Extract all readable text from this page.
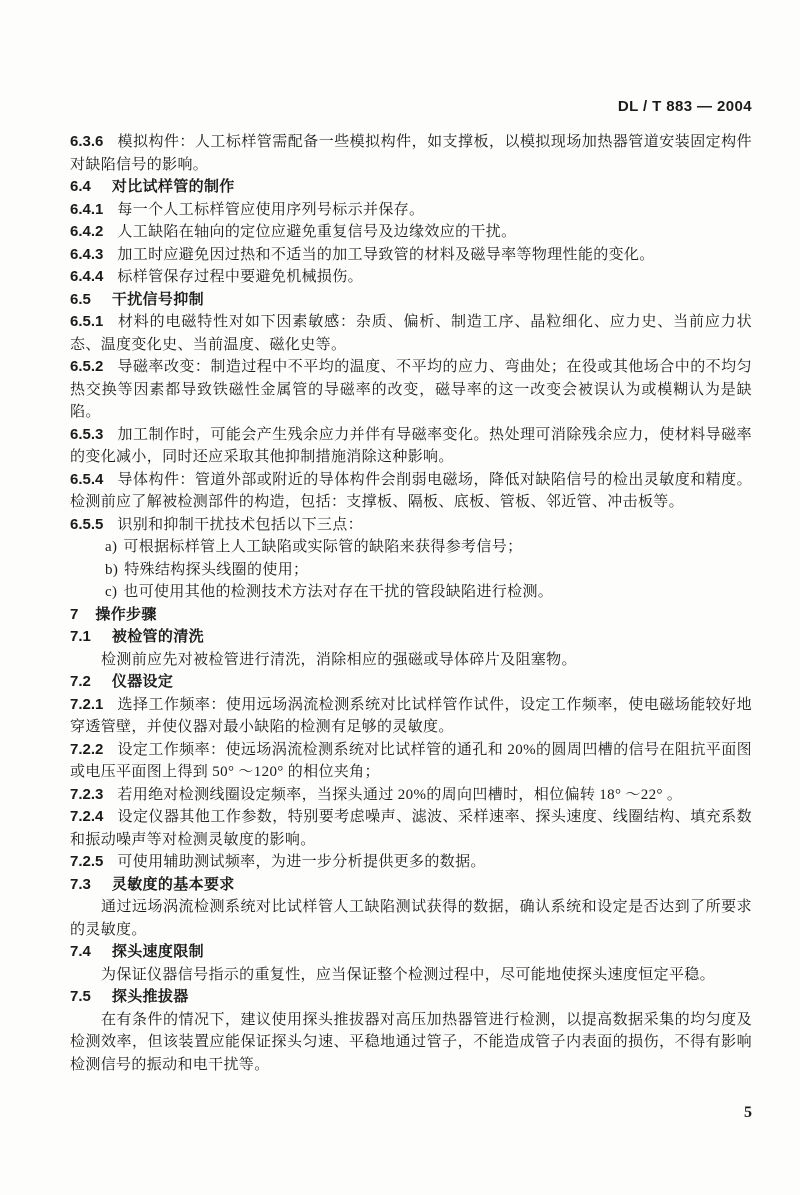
DL / T 883 — 2004

6.3.6 模拟构件：人工标样管需配备一些模拟构件，如支撑板，以模拟现场加热器管道安装固定构件对缺陷信号的影响。

6.4 对比试样管的制作

6.4.1 每一个人工标样管应使用序列号标示并保存。

6.4.2 人工缺陷在轴向的定位应避免重复信号及边缘效应的干扰。

6.4.3 加工时应避免因过热和不适当的加工导致管的材料及磁导率等物理性能的变化。

6.4.4 标样管保存过程中要避免机械损伤。

6.5 干扰信号抑制

6.5.1 材料的电磁特性对如下因素敏感：杂质、偏析、制造工序、晶粒细化、应力史、当前应力状态、温度变化史、当前温度、磁化史等。

6.5.2 导磁率改变：制造过程中不平均的温度、不平均的应力、弯曲处；在役或其他场合中的不均匀热交换等因素都导致铁磁性金属管的导磁率的改变，磁导率的这一改变会被误认为或模糊认为是缺陷。

6.5.3 加工制作时，可能会产生残余应力并伴有导磁率变化。热处理可消除残余应力，使材料导磁率的变化减小，同时还应采取其他抑制措施消除这种影响。

6.5.4 导体构件：管道外部或附近的导体构件会削弱电磁场，降低对缺陷信号的检出灵敏度和精度。检测前应了解被检测部件的构造，包括：支撑板、隔板、底板、管板、邻近管、冲击板等。

6.5.5 识别和抑制干扰技术包括以下三点：

a) 可根据标样管上人工缺陷或实际管的缺陷来获得参考信号；

b) 特殊结构探头线圈的使用；

c) 也可使用其他的检测技术方法对存在干扰的管段缺陷进行检测。

7 操作步骤

7.1 被检管的清洗

检测前应先对被检管进行清洗，消除相应的强磁或导体碎片及阻塞物。

7.2 仪器设定

7.2.1 选择工作频率：使用远场涡流检测系统对比试样管作试件，设定工作频率，使电磁场能较好地穿透管壁，并使仪器对最小缺陷的检测有足够的灵敏度。

7.2.2 设定工作频率：使远场涡流检测系统对比试样管的通孔和 20%的圆周凹槽的信号在阻抗平面图或电压平面图上得到 50° ～120° 的相位夹角；

7.2.3 若用绝对检测线圈设定频率，当探头通过 20%的周向凹槽时，相位偏转 18° ～22° 。

7.2.4 设定仪器其他工作参数，特别要考虑噪声、滤波、采样速率、探头速度、线圈结构、填充系数和振动噪声等对检测灵敏度的影响。

7.2.5 可使用辅助测试频率，为进一步分析提供更多的数据。

7.3 灵敏度的基本要求

通过远场涡流检测系统对比试样管人工缺陷测试获得的数据，确认系统和设定是否达到了所要求的灵敏度。

7.4 探头速度限制

为保证仪器信号指示的重复性，应当保证整个检测过程中，尽可能地使探头速度恒定平稳。

7.5 探头推拔器

在有条件的情况下，建议使用探头推拔器对高压加热器管进行检测，以提高数据采集的均匀度及检测效率，但该装置应能保证探头匀速、平稳地通过管子，不能造成管子内表面的损伤，不得有影响检测信号的振动和电干扰等。

5
